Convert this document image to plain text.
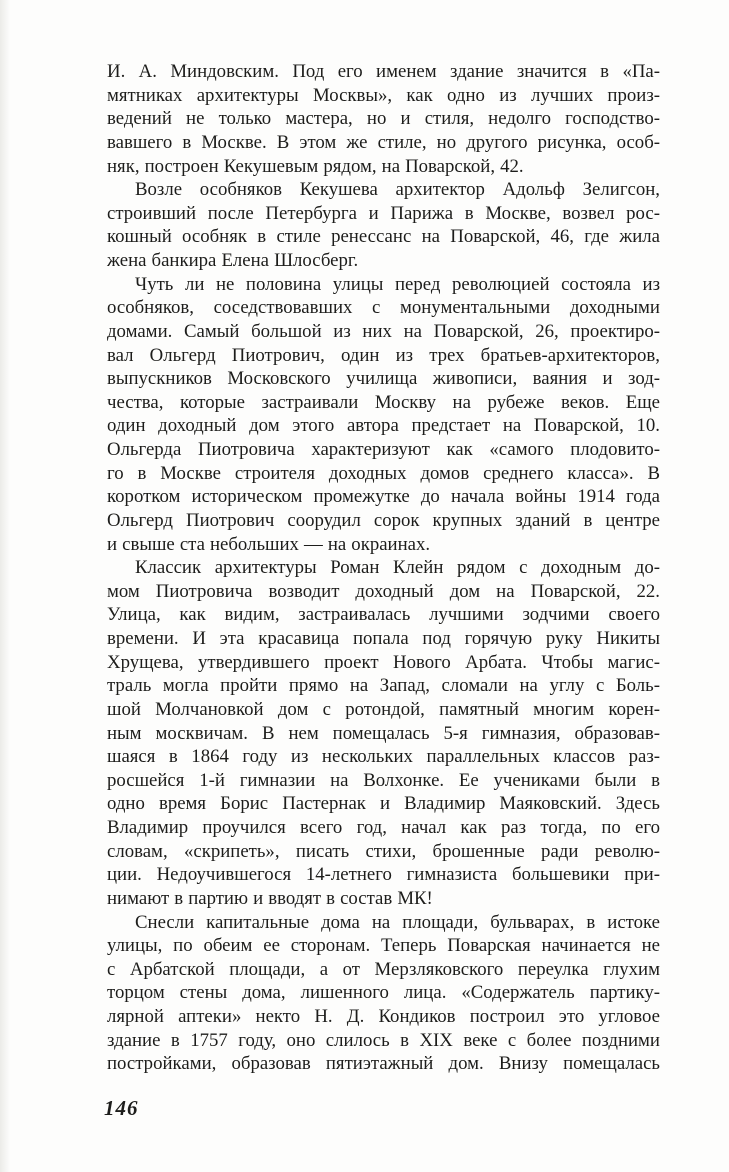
И. А. Миндовским. Под его именем здание значится в «Па-
мятниках архитектуры Москвы», как одно из лучших произ-
ведений не только мастера, но и стиля, недолго господство-
вавшего в Москве. В этом же стиле, но другого рисунка, особ-
няк, построен Кекушевым рядом, на Поварской, 42.

Возле особняков Кекушева архитектор Адольф Зелигсон,
строивший после Петербурга и Парижа в Москве, возвел рос-
кошный особняк в стиле ренессанс на Поварской, 46, где жила
жена банкира Елена Шлосберг.

Чуть ли не половина улицы перед революцией состояла из
особняков, соседствовавших с монументальными доходными
домами. Самый большой из них на Поварской, 26, проектиро-
вал Ольгерд Пиотрович, один из трех братьев-архитекторов,
выпускников Московского училища живописи, ваяния и зод-
чества, которые застраивали Москву на рубеже веков. Еще
один доходный дом этого автора предстает на Поварской, 10.
Ольгерда Пиотровича характеризуют как «самого плодовито-
го в Москве строителя доходных домов среднего класса». В
коротком историческом промежутке до начала войны 1914 года
Ольгерд Пиотрович соорудил сорок крупных зданий в центре
и свыше ста небольших — на окраинах.

Классик архитектуры Роман Клейн рядом с доходным до-
мом Пиотровича возводит доходный дом на Поварской, 22.
Улица, как видим, застраивалась лучшими зодчими своего
времени. И эта красавица попала под горячую руку Никиты
Хрущева, утвердившего проект Нового Арбата. Чтобы магис-
траль могла пройти прямо на Запад, сломали на углу с Боль-
шой Молчановкой дом с ротондой, памятный многим корен-
ным москвичам. В нем помещалась 5-я гимназия, образовав-
шаяся в 1864 году из нескольких параллельных классов раз-
росшейся 1-й гимназии на Волхонке. Ее учениками были в
одно время Борис Пастернак и Владимир Маяковский. Здесь
Владимир проучился всего год, начал как раз тогда, по его
словам, «скрипеть», писать стихи, брошенные ради револю-
ции. Недоучившегося 14-летнего гимназиста большевики при-
нимают в партию и вводят в состав МК!

Снесли капитальные дома на площади, бульварах, в истоке
улицы, по обеим ее сторонам. Теперь Поварская начинается не
с Арбатской площади, а от Мерзляковского переулка глухим
торцом стены дома, лишенного лица. «Содержатель партику-
лярной аптеки» некто Н. Д. Кондиков построил это угловое
здание в 1757 году, оно слилось в XIX веке с более поздними
постройками, образовав пятиэтажный дом. Внизу помещалась

146
